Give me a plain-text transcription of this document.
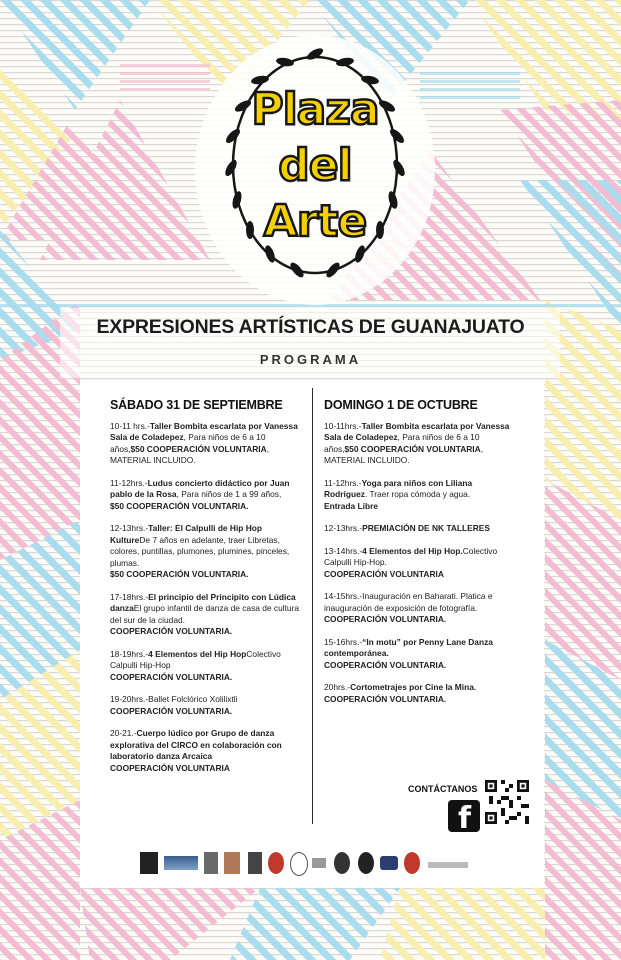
Plaza
del
Arte
EXPRESIONES ARTÍSTICAS DE GUANAJUATO
PROGRAMA
SÁBADO 31 DE SEPTIEMBRE
10-11 hrs.-Taller Bombita escarlata por Vanessa Sala de Coladepez, Para niños de 6 a 10 años,$50 COOPERACIÓN VOLUNTARIA, MATERIAL INCLUIDO.
11-12hrs.-Ludus concierto didáctico por Juan pablo de la Rosa, Para niños de 1 a 99 años,
$50 COOPERACIÓN VOLUNTARIA.
12-13hrs.-Taller: El Calpulli de Hip Hop KultureDe 7 años en adelante, traer Libretas, colores, puntillas, plumones, plumines, pinceles, plumas.
$50 COOPERACIÓN VOLUNTARIA.
17-18hrs.-El principio del Principito con Lúdica danzaEl grupo infantil de danza de casa de cultura del sur de la ciudad.
COOPERACIÓN VOLUNTARIA.
18-19hrs.-4 Elementos del Hip HopColectivo Calpulli Hip-Hop
COOPERACIÓN VOLUNTARIA.
19-20hrs.-Ballet Folclórico Xolilixtli
COOPERACIÓN VOLUNTARIA.
20-21.-Cuerpo lúdico por Grupo de danza explorativa del CIRCO en colaboración con laboratorio danza Arcaica
COOPERACIÓN VOLUNTARIA
DOMINGO 1 DE OCTUBRE
10-11hrs.-Taller Bombita escarlata por Vanessa Sala de Coladepez, Para niños de 6 a 10 años,$50 COOPERACIÓN VOLUNTARIA, MATERIAL INCLUIDO.
11-12hrs.-Yoga para niños con Liliana Rodríguez. Traer ropa cómoda y agua.
Entrada Libre
12-13hrs.-PREMIACIÓN DE NK TALLERES
13-14hrs.-4 Elementos del Hip Hop.Colectivo Calpulli Hip-Hop.
COOPERACIÓN VOLUNTARIA
14-15hrs.-Inauguración en Baharati. Platica e inauguración de exposición de fotografía.
COOPERACIÓN VOLUNTARIA.
15-16hrs.-“In motu” por Penny Lane Danza contemporánea.
COOPERACIÓN VOLUNTARIA.
20hrs.-Cortometrajes por Cine la Mina.
COOPERACIÓN VOLUNTARIA.
CONTÁCTANOS
f
